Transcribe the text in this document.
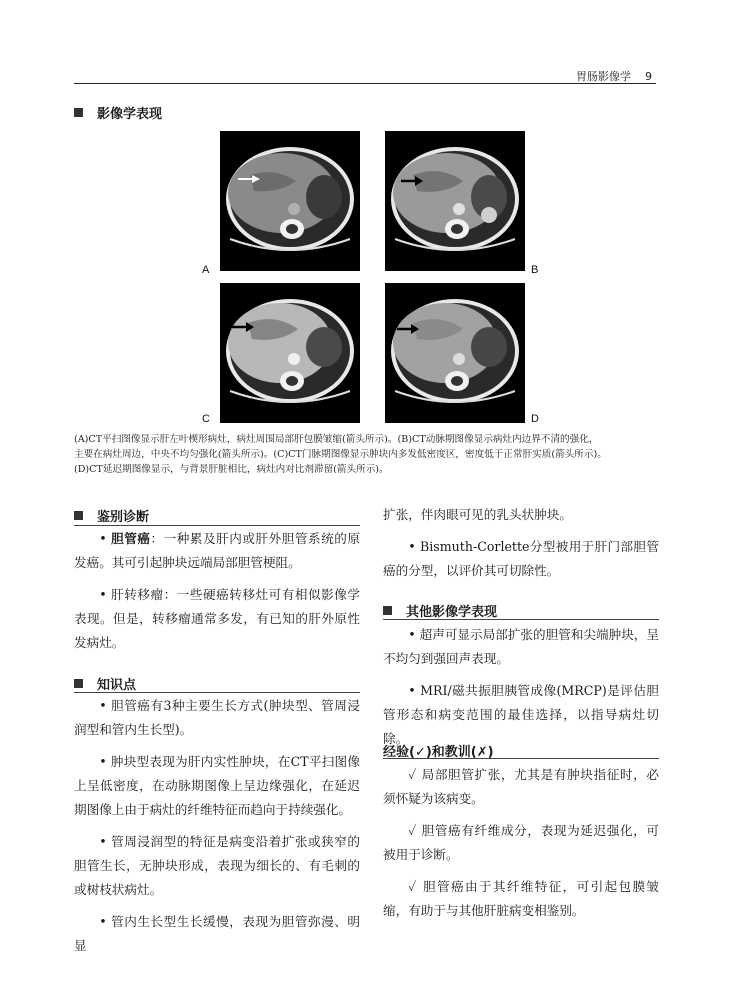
胃肠影像学 9
影像学表现
A	B
C	D

(A)CT平扫图像显示肝左叶楔形病灶，病灶周围局部肝包膜皱缩(箭头所示)。(B)CT动脉期图像显示病灶内边界不清的强化，

主要在病灶周边，中央不均匀强化(箭头所示)。(C)CT门脉期图像显示肿块内多发低密度区，密度低于正常肝实质(箭头所示)。

(D)CT延迟期图像显示，与背景肝脏相比，病灶内对比剂滞留(箭头所示)。

鉴别诊断

• 胆管癌：一种累及肝内或肝外胆管系统的原发癌。其可引起肿块远端局部胆管梗阻。

• 肝转移瘤：一些硬癌转移灶可有相似影像学表现。但是，转移瘤通常多发，有已知的肝外原性发病灶。

知识点

• 胆管癌有3种主要生长方式(肿块型、管周浸润型和管内生长型)。

• 肿块型表现为肝内实性肿块，在CT平扫图像上呈低密度，在动脉期图像上呈边缘强化，在延迟期图像上由于病灶的纤维特征而趋向于持续强化。

• 管周浸润型的特征是病变沿着扩张或狭窄的胆管生长，无肿块形成，表现为细长的、有毛刺的或树枝状病灶。

• 管内生长型生长缓慢，表现为胆管弥漫、明显

扩张，伴肉眼可见的乳头状肿块。

• Bismuth-Corlette分型被用于肝门部胆管癌的分型，以评价其可切除性。

其他影像学表现

• 超声可显示局部扩张的胆管和尖端肿块，呈不均匀到强回声表现。

• MRI/磁共振胆胰管成像(MRCP)是评估胆管形态和病变范围的最佳选择，以指导病灶切除。

经验(✓)和教训(✗)

✓ 局部胆管扩张，尤其是有肿块指征时，必须怀疑为该病变。

✓ 胆管癌有纤维成分，表现为延迟强化，可被用于诊断。

✓ 胆管癌由于其纤维特征，可引起包膜皱缩，有助于与其他肝脏病变相鉴别。
